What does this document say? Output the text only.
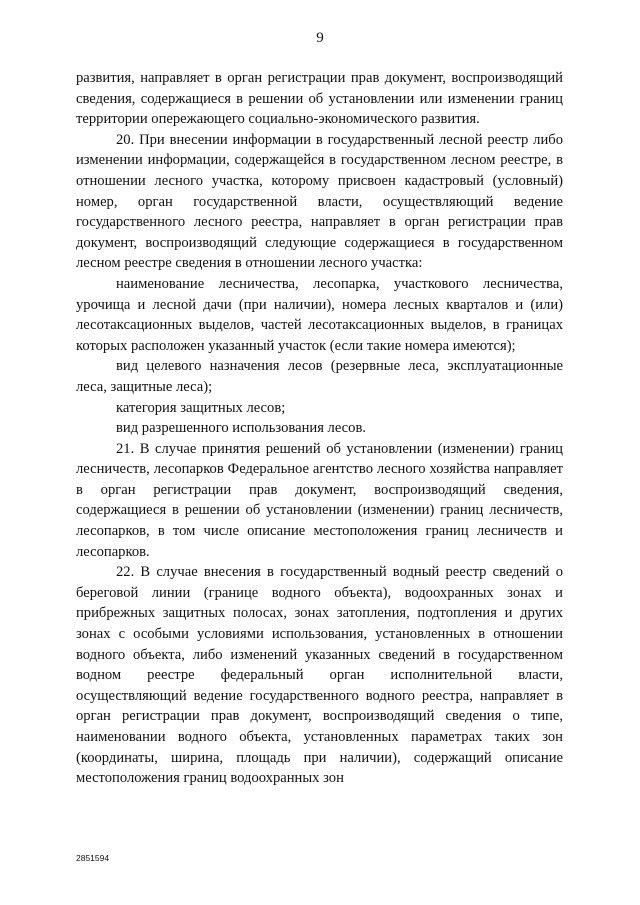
9

развития, направляет в орган регистрации прав документ, воспроизводящий сведения, содержащиеся в решении об установлении или изменении границ территории опережающего социально-экономического развития.

20. При внесении информации в государственный лесной реестр либо изменении информации, содержащейся в государственном лесном реестре, в отношении лесного участка, которому присвоен кадастровый (условный) номер, орган государственной власти, осуществляющий ведение государственного лесного реестра, направляет в орган регистрации прав документ, воспроизводящий следующие содержащиеся в государственном лесном реестре сведения в отношении лесного участка:

наименование лесничества, лесопарка, участкового лесничества, урочища и лесной дачи (при наличии), номера лесных кварталов и (или) лесотаксационных выделов, частей лесотаксационных выделов, в границах которых расположен указанный участок (если такие номера имеются);

вид целевого назначения лесов (резервные леса, эксплуатационные леса, защитные леса);

категория защитных лесов;

вид разрешенного использования лесов.

21. В случае принятия решений об установлении (изменении) границ лесничеств, лесопарков Федеральное агентство лесного хозяйства направляет в орган регистрации прав документ, воспроизводящий сведения, содержащиеся в решении об установлении (изменении) границ лесничеств, лесопарков, в том числе описание местоположения границ лесничеств и лесопарков.

22. В случае внесения в государственный водный реестр сведений о береговой линии (границе водного объекта), водоохранных зонах и прибрежных защитных полосах, зонах затопления, подтопления и других зонах с особыми условиями использования, установленных в отношении водного объекта, либо изменений указанных сведений в государственном водном реестре федеральный орган исполнительной власти, осуществляющий ведение государственного водного реестра, направляет в орган регистрации прав документ, воспроизводящий сведения о типе, наименовании водного объекта, установленных параметрах таких зон (координаты, ширина, площадь при наличии), содержащий описание местоположения границ водоохранных зон

2851594
